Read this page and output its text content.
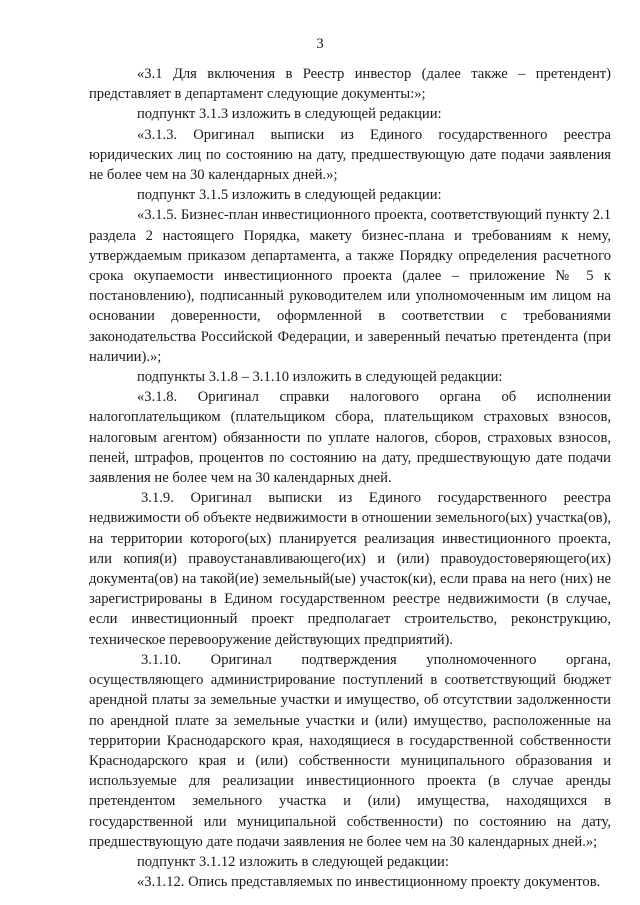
3

«3.1 Для включения в Реестр инвестор (далее также – претендент) представляет в департамент следующие документы:»;

подпункт 3.1.3 изложить в следующей редакции:

«3.1.3. Оригинал выписки из Единого государственного реестра юридических лиц по состоянию на дату, предшествующую дате подачи заявления не более чем на 30 календарных дней.»;

подпункт 3.1.5 изложить в следующей редакции:

«3.1.5. Бизнес-план инвестиционного проекта, соответствующий пункту 2.1 раздела 2 настоящего Порядка, макету бизнес-плана и требованиям к нему, утверждаемым приказом департамента, а также Порядку определения расчетного срока окупаемости инвестиционного проекта (далее – приложение № 5 к постановлению), подписанный руководителем или уполномоченным им лицом на основании доверенности, оформленной в соответствии с требованиями законодательства Российской Федерации, и заверенный печатью претендента (при наличии).»;

подпункты 3.1.8 – 3.1.10 изложить в следующей редакции:

«3.1.8. Оригинал справки налогового органа об исполнении налогоплательщиком (плательщиком сбора, плательщиком страховых взносов, налоговым агентом) обязанности по уплате налогов, сборов, страховых взносов, пеней, штрафов, процентов по состоянию на дату, предшествующую дате подачи заявления не более чем на 30 календарных дней.

3.1.9. Оригинал выписки из Единого государственного реестра недвижимости об объекте недвижимости в отношении земельного(ых) участка(ов), на территории которого(ых) планируется реализация инвестиционного проекта, или копия(и) правоустанавливающего(их) и (или) правоудостоверяющего(их) документа(ов) на такой(ие) земельный(ые) участок(ки), если права на него (них) не зарегистрированы в Едином государственном реестре недвижимости (в случае, если инвестиционный проект предполагает строительство, реконструкцию, техническое перевооружение действующих предприятий).

3.1.10. Оригинал подтверждения уполномоченного органа, осуществляющего администрирование поступлений в соответствующий бюджет арендной платы за земельные участки и имущество, об отсутствии задолженности по арендной плате за земельные участки и (или) имущество, расположенные на территории Краснодарского края, находящиеся в государственной собственности Краснодарского края и (или) собственности муниципального образования и используемые для реализации инвестиционного проекта (в случае аренды претендентом земельного участка и (или) имущества, находящихся в государственной или муниципальной собственности) по состоянию на дату, предшествующую дате подачи заявления не более чем на 30 календарных дней.»;

подпункт 3.1.12 изложить в следующей редакции:

«3.1.12. Опись представляемых по инвестиционному проекту документов.
